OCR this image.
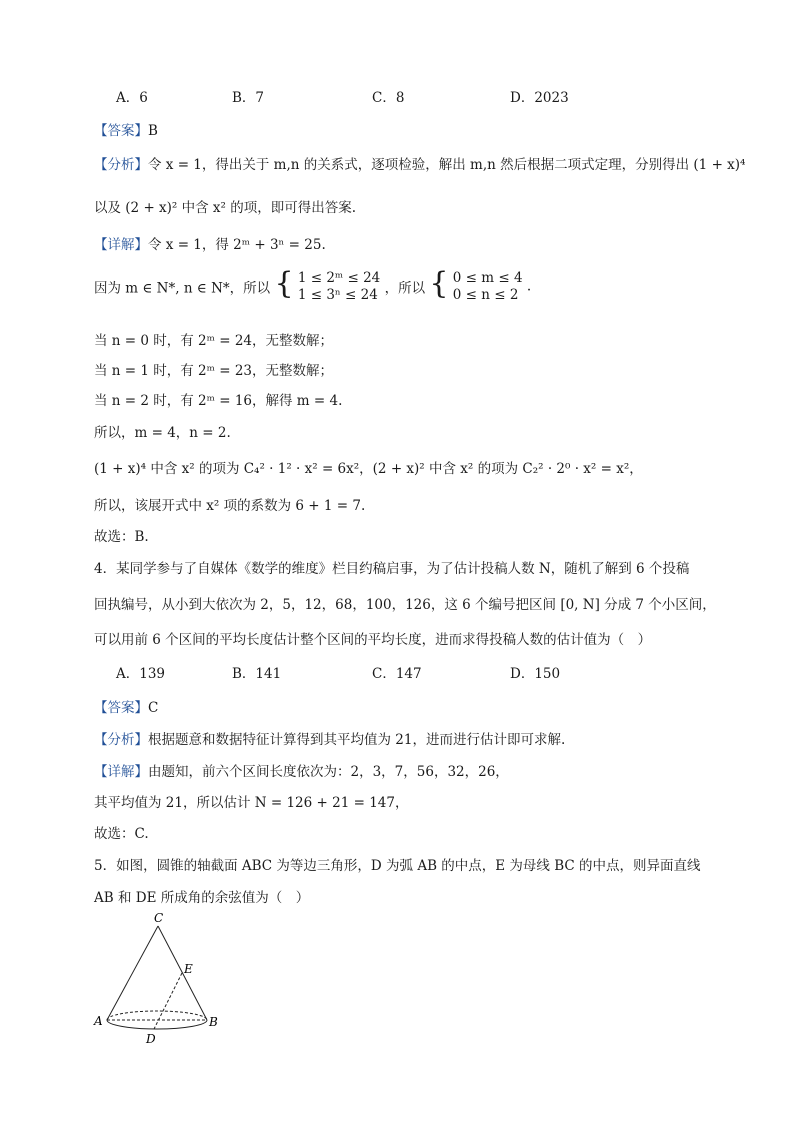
A．6	B．7	C．8	D．2023
【答案】B
【分析】令 x = 1，得出关于 m,n 的关系式，逐项检验，解出 m,n 然后根据二项式定理，分别得出 (1 + x)⁴
以及 (2 + x)² 中含 x² 的项，即可得出答案.
【详解】令 x = 1，得 2ᵐ + 3ⁿ = 25.
因为 m ∈ N*, n ∈ N*，所以 { 1 ≤ 2ᵐ ≤ 24
1 ≤ 3ⁿ ≤ 24 ，所以 { 0 ≤ m ≤ 4
0 ≤ n ≤ 2 .
当 n = 0 时，有 2ᵐ = 24，无整数解；
当 n = 1 时，有 2ᵐ = 23，无整数解；
当 n = 2 时，有 2ᵐ = 16，解得 m = 4.
所以，m = 4，n = 2.
(1 + x)⁴ 中含 x² 的项为 C₄² · 1² · x² = 6x²，(2 + x)² 中含 x² 的项为 C₂² · 2⁰ · x² = x²，
所以，该展开式中 x² 项的系数为 6 + 1 = 7.
故选：B.
4．某同学参与了自媒体《数学的维度》栏目约稿启事，为了估计投稿人数 N，随机了解到 6 个投稿
回执编号，从小到大依次为 2，5，12，68，100，126，这 6 个编号把区间 [0, N] 分成 7 个小区间，
可以用前 6 个区间的平均长度估计整个区间的平均长度，进而求得投稿人数的估计值为（　）
A．139	B．141	C．147	D．150
【答案】C
【分析】根据题意和数据特征计算得到其平均值为 21，进而进行估计即可求解.
【详解】由题知，前六个区间长度依次为：2，3，7，56，32，26，
其平均值为 21，所以估计 N = 126 + 21 = 147，
故选：C.
5．如图，圆锥的轴截面 ABC 为等边三角形，D 为弧 AB 的中点，E 为母线 BC 的中点，则异面直线
AB 和 DE 所成角的余弦值为（　）
C
E
A	B
D
